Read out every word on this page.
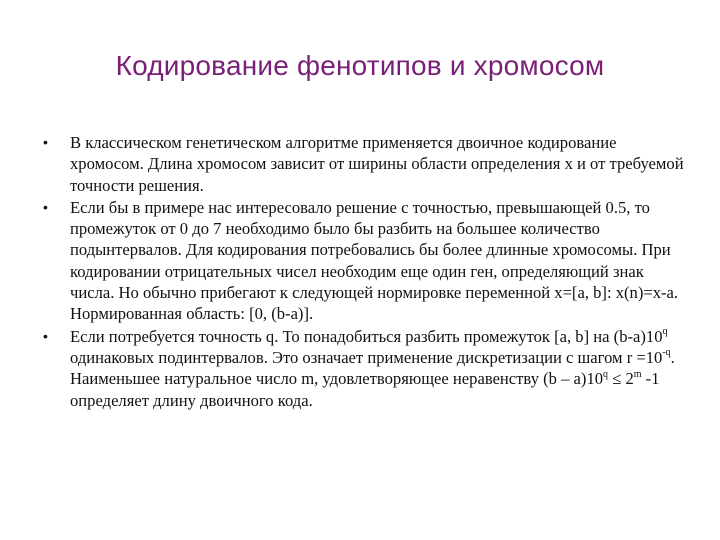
Кодирование фенотипов и хромосом
• В классическом генетическом алгоритме применяется двоичное кодирование хромосом. Длина хромосом зависит от ширины области определения x и от требуемой точности решения.
• Если бы в примере нас интересовало решение с точностью, превышающей 0.5, то промежуток от 0 до 7 необходимо было бы разбить на большее количество подынтервалов. Для кодирования потребовались бы более длинные хромосомы. При кодировании отрицательных чисел необходим еще один ген, определяющий знак числа. Но обычно прибегают к следующей нормировке переменной x=[a, b]: x(n)=x-a. Нормированная область: [0, (b-a)].
• Если потребуется точность q. То понадобиться разбить промежуток [a, b] на (b-a)10$^q$ одинаковых подинтервалов. Это означает применение дискретизации с шагом $r =10^{-q}$. Наименьшее натуральное число m, удовлетворяющее неравенству $(b - a)10^q \le 2^m$ -1 определяет длину двоичного кода.
